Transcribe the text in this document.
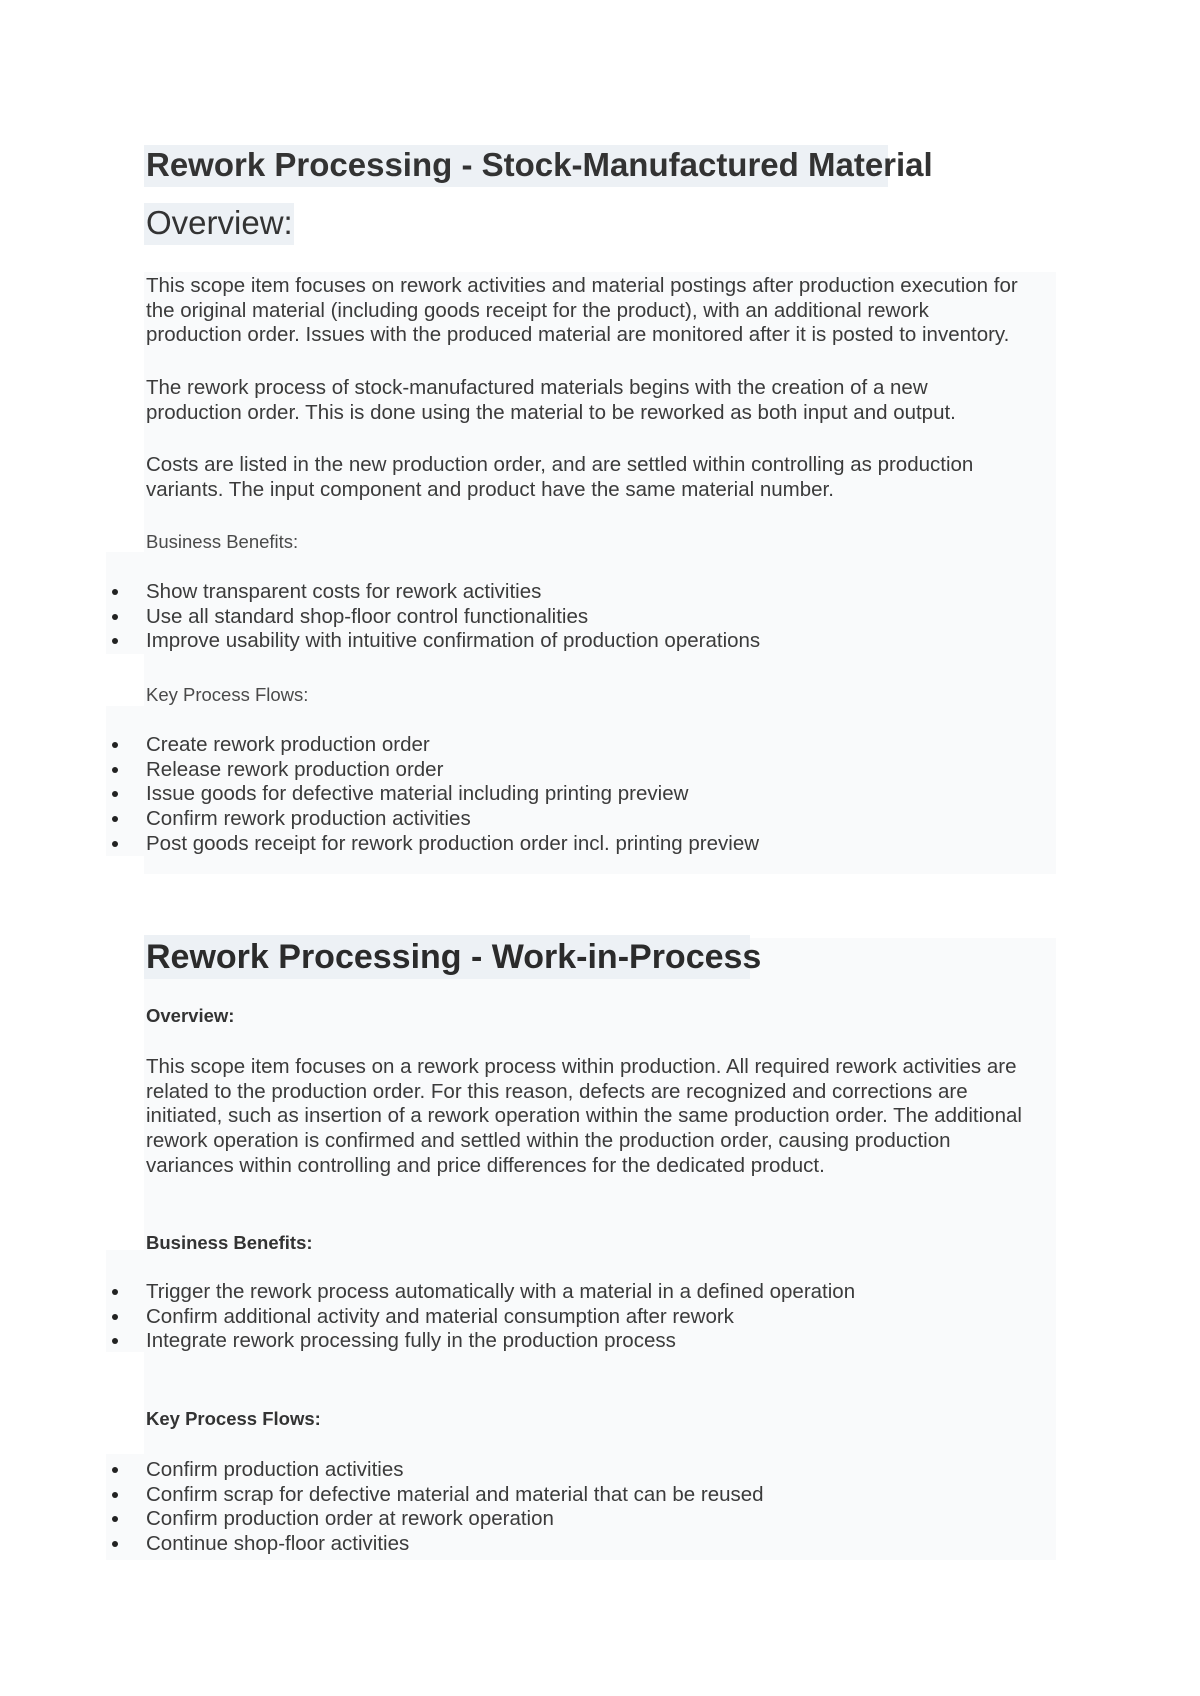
Rework Processing - Stock-Manufactured Material
Overview:
This scope item focuses on rework activities and material postings after production execution for
the original material (including goods receipt for the product), with an additional rework
production order. Issues with the produced material are monitored after it is posted to inventory.
The rework process of stock-manufactured materials begins with the creation of a new
production order. This is done using the material to be reworked as both input and output.
Costs are listed in the new production order, and are settled within controlling as production
variants. The input component and product have the same material number.
Business Benefits:
Show transparent costs for rework activities
Use all standard shop-floor control functionalities
Improve usability with intuitive confirmation of production operations
Key Process Flows:
Create rework production order
Release rework production order
Issue goods for defective material including printing preview
Confirm rework production activities
Post goods receipt for rework production order incl. printing preview
Rework Processing - Work-in-Process
Overview:
This scope item focuses on a rework process within production. All required rework activities are
related to the production order. For this reason, defects are recognized and corrections are
initiated, such as insertion of a rework operation within the same production order. The additional
rework operation is confirmed and settled within the production order, causing production
variances within controlling and price differences for the dedicated product.
Business Benefits:
Trigger the rework process automatically with a material in a defined operation
Confirm additional activity and material consumption after rework
Integrate rework processing fully in the production process
Key Process Flows:
Confirm production activities
Confirm scrap for defective material and material that can be reused
Confirm production order at rework operation
Continue shop-floor activities
